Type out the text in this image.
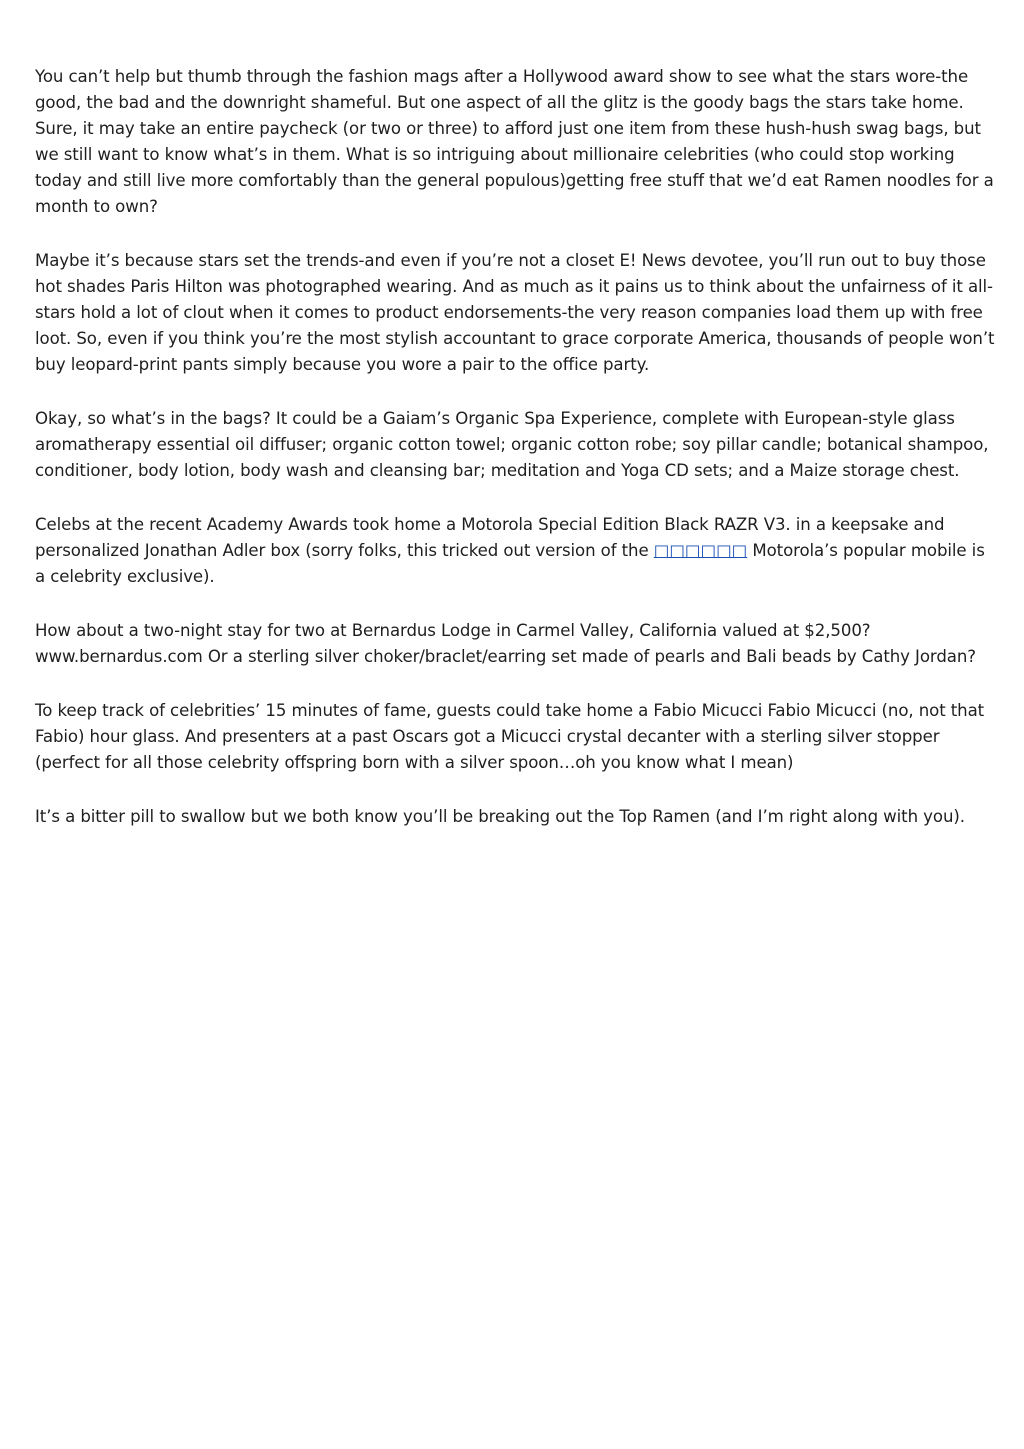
You can’t help but thumb through the fashion mags after a Hollywood award show to see what the stars wore-the good, the bad and the downright shameful. But one aspect of all the glitz is the goody bags the stars take home. Sure, it may take an entire paycheck (or two or three) to afford just one item from these hush-hush swag bags, but we still want to know what’s in them. What is so intriguing about millionaire celebrities (who could stop working today and still live more comfortably than the general populous)getting free stuff that we’d eat Ramen noodles for a month to own?

Maybe it’s because stars set the trends-and even if you’re not a closet E! News devotee, you’ll run out to buy those hot shades Paris Hilton was photographed wearing. And as much as it pains us to think about the unfairness of it all-stars hold a lot of clout when it comes to product endorsements-the very reason companies load them up with free loot. So, even if you think you’re the most stylish accountant to grace corporate America, thousands of people won’t buy leopard-print pants simply because you wore a pair to the office party.

Okay, so what’s in the bags? It could be a Gaiam’s Organic Spa Experience, complete with European-style glass aromatherapy essential oil diffuser; organic cotton towel; organic cotton robe; soy pillar candle; botanical shampoo, conditioner, body lotion, body wash and cleansing bar; meditation and Yoga CD sets; and a Maize storage chest.

Celebs at the recent Academy Awards took home a Motorola Special Edition Black RAZR V3. in a keepsake and personalized Jonathan Adler box (sorry folks, this tricked out version of the □□□□□□ Motorola’s popular mobile is a celebrity exclusive).

How about a two-night stay for two at Bernardus Lodge in Carmel Valley, California valued at $2,500? www.bernardus.com Or a sterling silver choker/braclet/earring set made of pearls and Bali beads by Cathy Jordan?

To keep track of celebrities’ 15 minutes of fame, guests could take home a Fabio Micucci Fabio Micucci (no, not that Fabio) hour glass. And presenters at a past Oscars got a Micucci crystal decanter with a sterling silver stopper (perfect for all those celebrity offspring born with a silver spoon…oh you know what I mean)

It’s a bitter pill to swallow but we both know you’ll be breaking out the Top Ramen (and I’m right along with you).
